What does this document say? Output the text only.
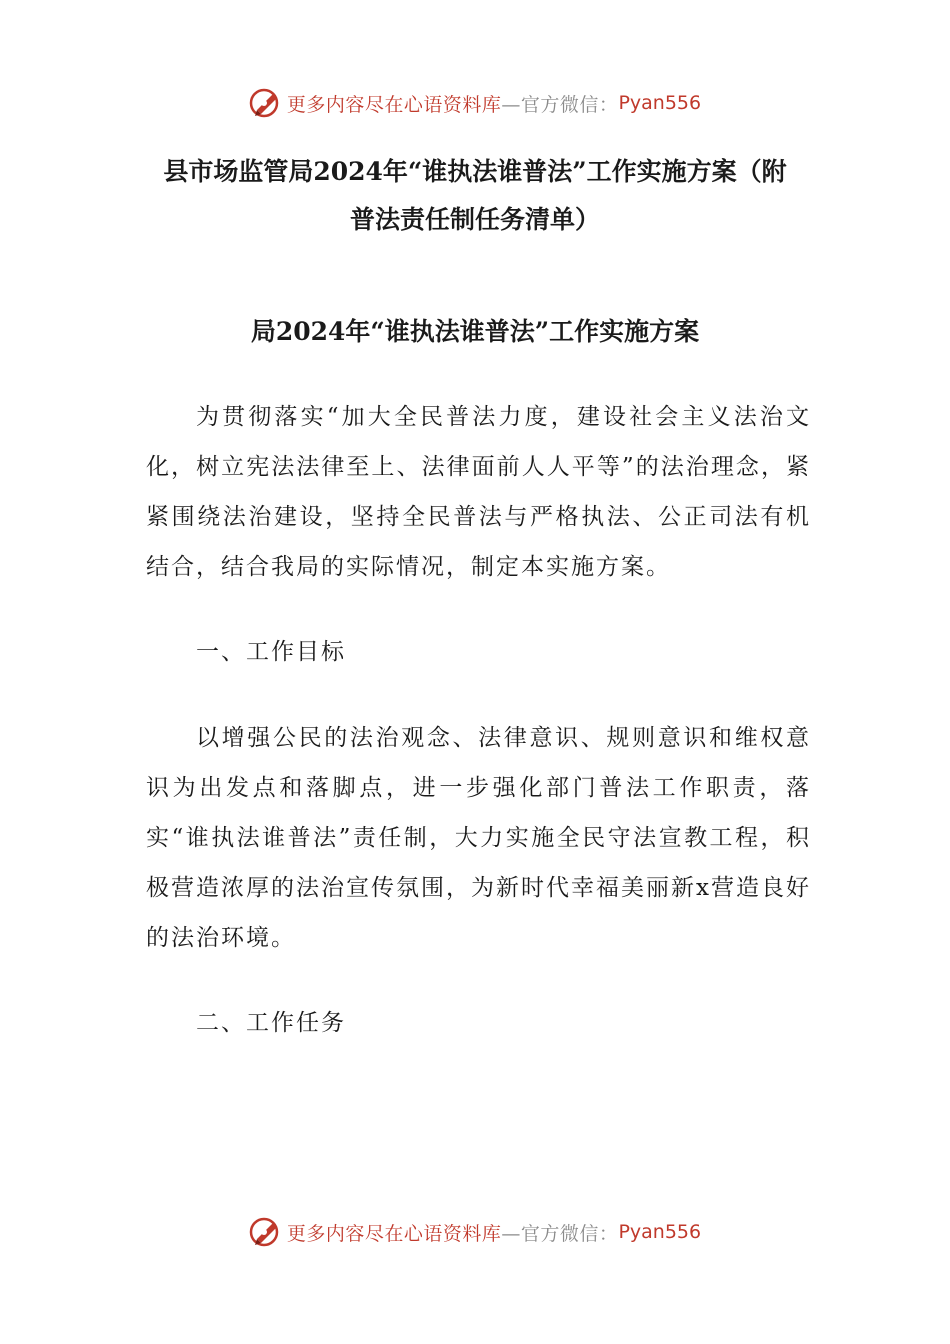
更多内容尽在心语资料库 —官方微信： Pyan556
县市场监管局2024年“谁执法谁普法”工作实施方案（附
普法责任制任务清单）
局2024年“谁执法谁普法”工作实施方案

为贯彻落实“加大全民普法力度，建设社会主义法治文化，树立宪法法律至上、法律面前人人平等”的法治理念，紧紧围绕法治建设，坚持全民普法与严格执法、公正司法有机结合，结合我局的实际情况，制定本实施方案。

一、工作目标

以增强公民的法治观念、法律意识、规则意识和维权意识为出发点和落脚点，进一步强化部门普法工作职责，落实“谁执法谁普法”责任制，大力实施全民守法宣教工程，积极营造浓厚的法治宣传氛围，为新时代幸福美丽新x营造良好的法治环境。

二、工作任务

更多内容尽在心语资料库 —官方微信： Pyan556
